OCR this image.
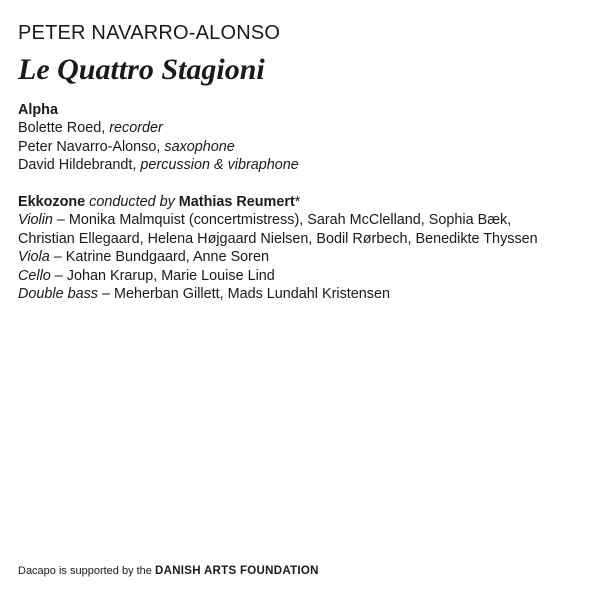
PETER NAVARRO-ALONSO
Le Quattro Stagioni
Alpha
Bolette Roed, recorder
Peter Navarro-Alonso, saxophone
David Hildebrandt, percussion & vibraphone
Ekkozone conducted by Mathias Reumert*
Violin – Monika Malmquist (concertmistress), Sarah McClelland, Sophia Bæk,
Christian Ellegaard, Helena Højgaard Nielsen, Bodil Rørbech, Benedikte Thyssen
Viola – Katrine Bundgaard, Anne Soren
Cello – Johan Krarup, Marie Louise Lind
Double bass – Meherban Gillett, Mads Lundahl Kristensen
Dacapo is supported by the DANISH ARTS FOUNDATION
